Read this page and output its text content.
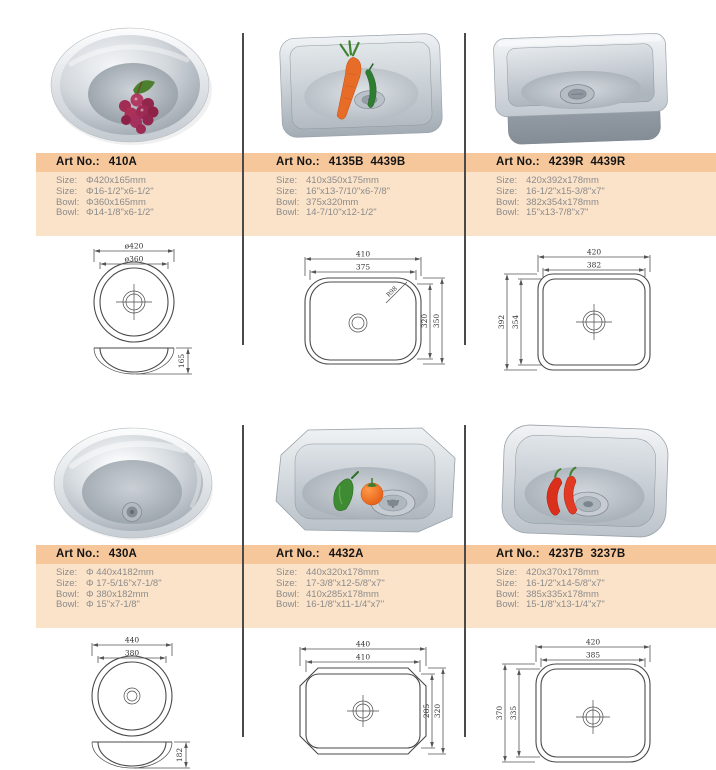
Art No.: 410A
Size: Φ420x165mm
Size: Φ16-1/2"x6-1/2"
Bowl: Φ360x165mm
Bowl: Φ14-1/8"x6-1/2"
ø420
ø360
165
Art No.: 4135B  4439B
Size: 410x350x175mm
Size: 16"x13-7/10"x6-7/8"
Bowl: 375x320mm
Bowl: 14-7/10"x12-1/2"
410
375
R98
320 350
Art No.: 4239R  4439R
Size: 420x392x178mm
Size: 16-1/2"x15-3/8"x7"
Bowl: 382x354x178mm
Bowl: 15"x13-7/8"x7"
420
382
392 354
Art No.: 430A
Size: Φ 440x4182mm
Size: Φ 17-5/16"x7-1/8"
Bowl: Φ 380x182mm
Bowl: Φ 15"x7-1/8"
440
380
182
Art No.: 4432A
Size: 440x320x178mm
Size: 17-3/8"x12-5/8"x7"
Bowl: 410x285x178mm
Bowl: 16-1/8"x11-1/4"x7"
440
410
285 320
Art No.: 4237B  3237B
Size: 420x370x178mm
Size: 16-1/2"x14-5/8"x7"
Bowl: 385x335x178mm
Bowl: 15-1/8"x13-1/4"x7"
420
385
370 335
